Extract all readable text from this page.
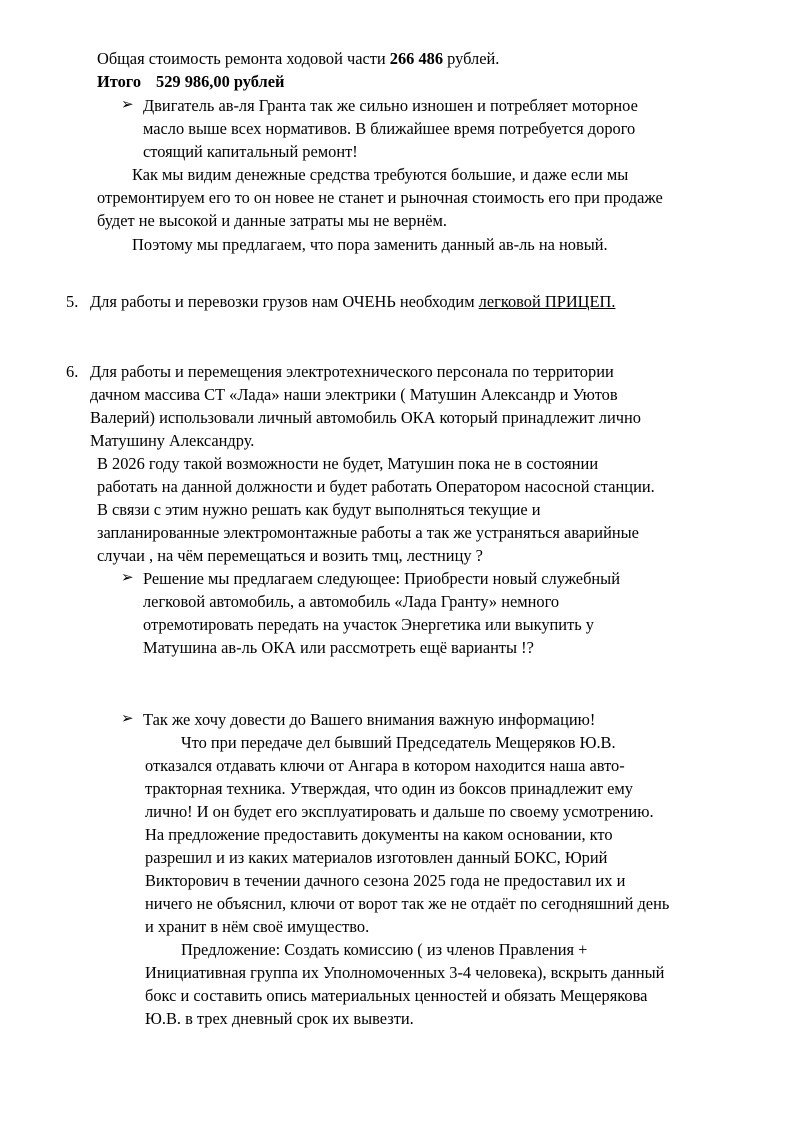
Общая стоимость ремонта ходовой части 266 486 рублей.
Итого 529 986,00 рублей
➢ Двигатель ав-ля Гранта так же сильно изношен и потребляет моторное
масло выше всех нормативов. В ближайшее время потребуется дорого
стоящий капитальный ремонт!
Как мы видим денежные средства требуются большие, и даже если мы
отремонтируем его то он новее не станет и рыночная стоимость его при продаже
будет не высокой и данные затраты мы не вернём.
Поэтому мы предлагаем, что пора заменить данный ав-ль на новый.
5. Для работы и перевозки грузов нам ОЧЕНЬ необходим легковой ПРИЦЕП.
6. Для работы и перемещения электротехнического персонала по территории
дачном массива СТ «Лада» наши электрики ( Матушин Александр и Уютов
Валерий) использовали личный автомобиль ОКА который принадлежит лично
Матушину Александру.
В 2026 году такой возможности не будет, Матушин пока не в состоянии
работать на данной должности и будет работать Оператором насосной станции.
В связи с этим нужно решать как будут выполняться текущие и
запланированные электромонтажные работы а так же устраняться аварийные
случаи , на чём перемещаться и возить тмц, лестницу ?
➢ Решение мы предлагаем следующее: Приобрести новый служебный
легковой автомобиль, а автомобиль «Лада Гранту» немного
отремотировать передать на участок Энергетика или выкупить у
Матушина ав-ль ОКА или рассмотреть ещё варианты !?
➢ Так же хочу довести до Вашего внимания важную информацию!
Что при передаче дел бывший Председатель Мещеряков Ю.В.
отказался отдавать ключи от Ангара в котором находится наша авто-
тракторная техника. Утверждая, что один из боксов принадлежит ему
лично! И он будет его эксплуатировать и дальше по своему усмотрению.
На предложение предоставить документы на каком основании, кто
разрешил и из каких материалов изготовлен данный БОКС, Юрий
Викторович в течении дачного сезона 2025 года не предоставил их и
ничего не объяснил, ключи от ворот так же не отдаёт по сегодняшний день
и хранит в нём своё имущество.
Предложение: Создать комиссию ( из членов Правления +
Инициативная группа их Уполномоченных 3-4 человека), вскрыть данный
бокс и составить опись материальных ценностей и обязать Мещерякова
Ю.В. в трех дневный срок их вывезти.
